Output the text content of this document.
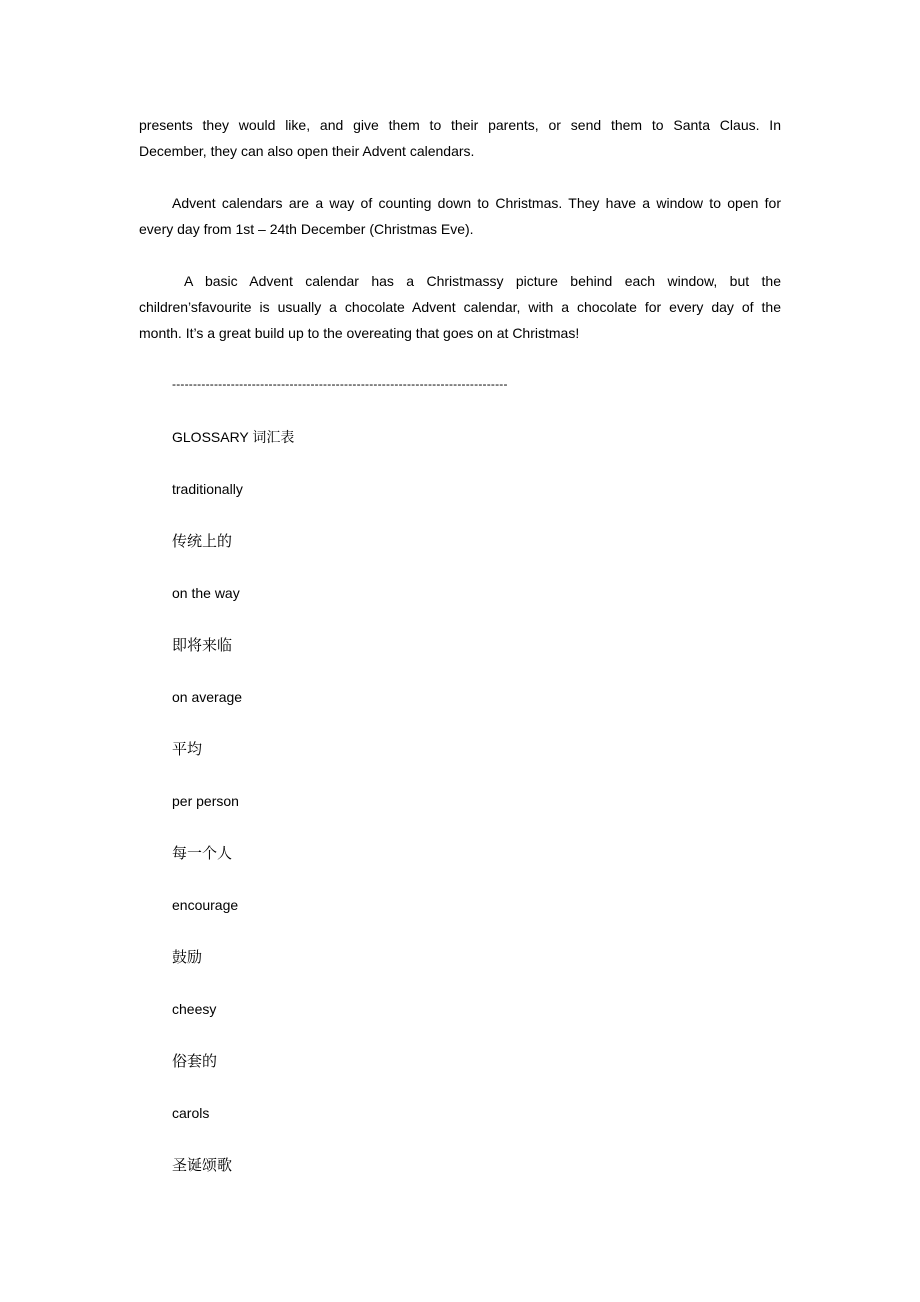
presents they would like, and give them to their parents, or send them to Santa Claus. In
December, they can also open their Advent calendars.
Advent calendars are a way of counting down to Christmas. They have a window to open for
every day from 1st – 24th December (Christmas Eve).
A basic Advent calendar has a Christmassy picture behind each window, but the
children’sfavourite is usually a chocolate Advent calendar, with a chocolate for every day of the
month. It’s a great build up to the overeating that goes on at Christmas!
--------------------------------------------------------------------------------
GLOSSARY 词汇表
traditionally
传统上的
on the way
即将来临
on average
平均
per person
每一个人
encourage
鼓励
cheesy
俗套的
carols
圣诞颂歌
